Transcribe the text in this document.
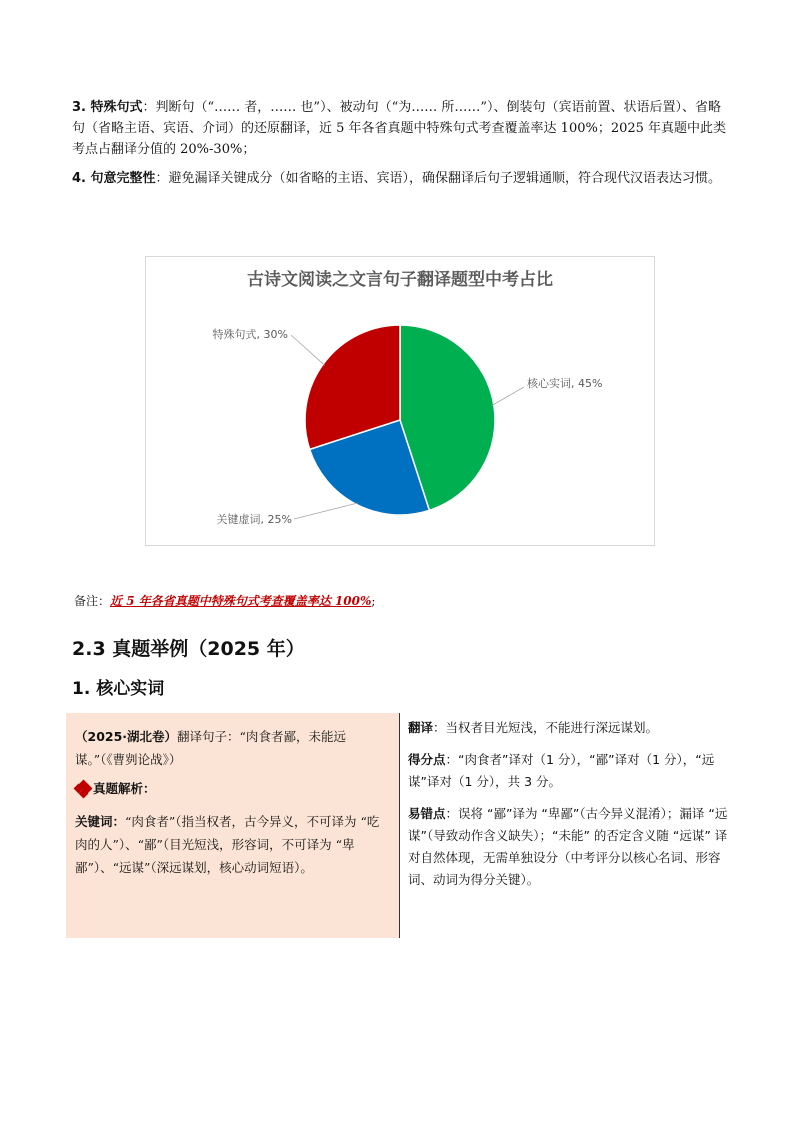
3. 特殊句式：判断句（“…… 者，…… 也”）、被动句（“为…… 所……”）、倒装句（宾语前置、状语后置）、省略句（省略主语、宾语、介词）的还原翻译，近 5 年各省真题中特殊句式考查覆盖率达 100%；2025 年真题中此类考点占翻译分值的 20%-30%；
4. 句意完整性：避免漏译关键成分（如省略的主语、宾语），确保翻译后句子逻辑通顺，符合现代汉语表达习惯。
古诗文阅读之文言句子翻译题型中考占比
核心实词, 45%
关键虚词, 25%
特殊句式, 30%
备注：近 5 年各省真题中特殊句式考查覆盖率达 100%;
2.3 真题举例（2025 年）
1. 核心实词
（2025·湖北卷）翻译句子：“肉食者鄙，未能远谋。”（《曹刿论战》）
真题解析：
关键词：“肉食者”（指当权者，古今异义，不可译为 “吃肉的人”）、“鄙”（目光短浅，形容词，不可译为 “卑鄙”）、“远谋”（深远谋划，核心动词短语）。

翻译：当权者目光短浅，不能进行深远谋划。

得分点：“肉食者”译对（1 分），“鄙”译对（1 分），“远谋”译对（1 分），共 3 分。

易错点：误将 “鄙”译为 “卑鄙”（古今异义混淆）；漏译 “远谋”（导致动作含义缺失）；“未能” 的否定含义随 “远谋” 译对自然体现，无需单独设分（中考评分以核心名词、形容词、动词为得分关键）。
